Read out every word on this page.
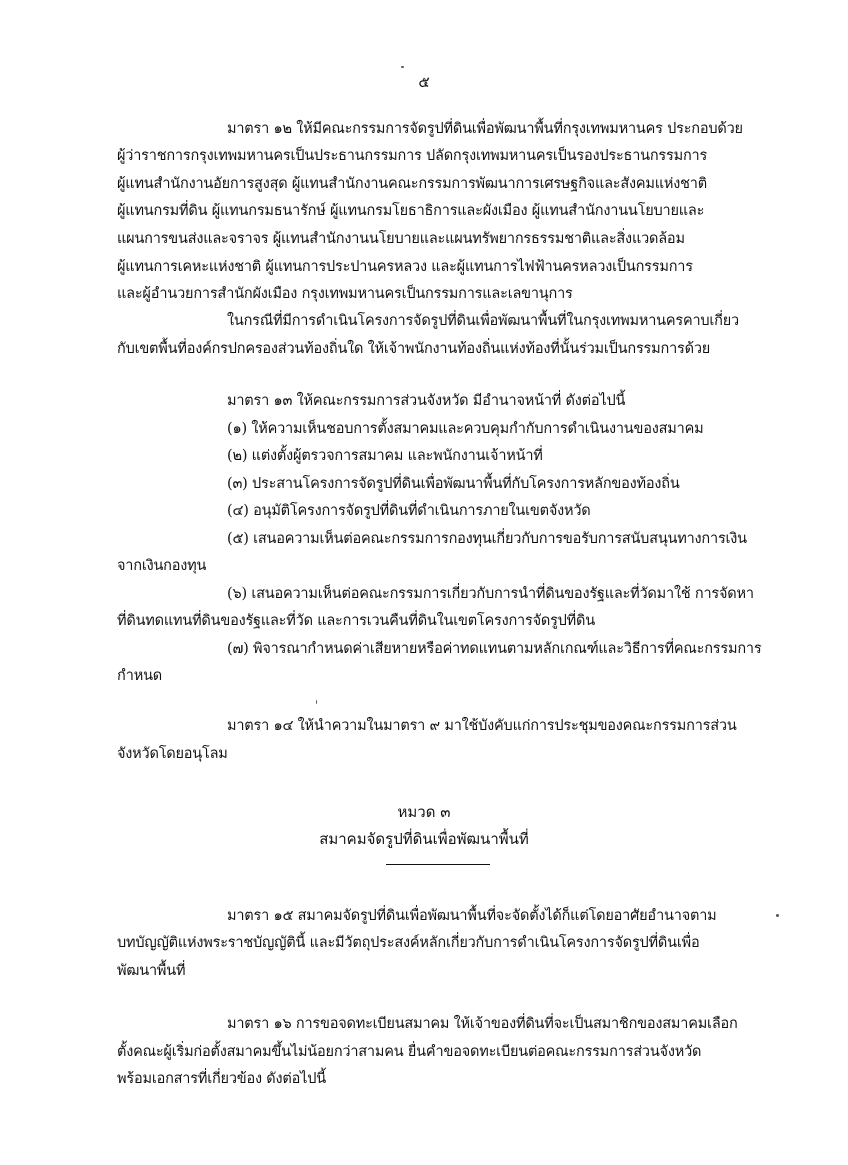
๕
มาตรา ๑๒ ให้มีคณะกรรมการจัดรูปที่ดินเพื่อพัฒนาพื้นที่กรุงเทพมหานคร ประกอบด้วย
ผู้ว่าราชการกรุงเทพมหานครเป็นประธานกรรมการ ปลัดกรุงเทพมหานครเป็นรองประธานกรรมการ
ผู้แทนสำนักงานอัยการสูงสุด ผู้แทนสำนักงานคณะกรรมการพัฒนาการเศรษฐกิจและสังคมแห่งชาติ
ผู้แทนกรมที่ดิน ผู้แทนกรมธนารักษ์ ผู้แทนกรมโยธาธิการและผังเมือง ผู้แทนสำนักงานนโยบายและ
แผนการขนส่งและจราจร ผู้แทนสำนักงานนโยบายและแผนทรัพยากรธรรมชาติและสิ่งแวดล้อม
ผู้แทนการเคหะแห่งชาติ ผู้แทนการประปานครหลวง และผู้แทนการไฟฟ้านครหลวงเป็นกรรมการ
และผู้อำนวยการสำนักผังเมือง กรุงเทพมหานครเป็นกรรมการและเลขานุการ
ในกรณีที่มีการดำเนินโครงการจัดรูปที่ดินเพื่อพัฒนาพื้นที่ในกรุงเทพมหานครคาบเกี่ยว
กับเขตพื้นที่องค์กรปกครองส่วนท้องถิ่นใด ให้เจ้าพนักงานท้องถิ่นแห่งท้องที่นั้นร่วมเป็นกรรมการด้วย
มาตรา ๑๓ ให้คณะกรรมการส่วนจังหวัด มีอำนาจหน้าที่ ดังต่อไปนี้
(๑) ให้ความเห็นชอบการตั้งสมาคมและควบคุมกำกับการดำเนินงานของสมาคม
(๒) แต่งตั้งผู้ตรวจการสมาคม และพนักงานเจ้าหน้าที่
(๓) ประสานโครงการจัดรูปที่ดินเพื่อพัฒนาพื้นที่กับโครงการหลักของท้องถิ่น
(๔) อนุมัติโครงการจัดรูปที่ดินที่ดำเนินการภายในเขตจังหวัด
(๕) เสนอความเห็นต่อคณะกรรมการกองทุนเกี่ยวกับการขอรับการสนับสนุนทางการเงิน
จากเงินกองทุน
(๖) เสนอความเห็นต่อคณะกรรมการเกี่ยวกับการนำที่ดินของรัฐและที่วัดมาใช้ การจัดหา
ที่ดินทดแทนที่ดินของรัฐและที่วัด และการเวนคืนที่ดินในเขตโครงการจัดรูปที่ดิน
(๗) พิจารณากำหนดค่าเสียหายหรือค่าทดแทนตามหลักเกณฑ์และวิธีการที่คณะกรรมการ
กำหนด
มาตรา ๑๔ ให้นำความในมาตรา ๙ มาใช้บังคับแก่การประชุมของคณะกรรมการส่วน
จังหวัดโดยอนุโลม
หมวด ๓
สมาคมจัดรูปที่ดินเพื่อพัฒนาพื้นที่
มาตรา ๑๕ สมาคมจัดรูปที่ดินเพื่อพัฒนาพื้นที่จะจัดตั้งได้ก็แต่โดยอาศัยอำนาจตาม
บทบัญญัติแห่งพระราชบัญญัตินี้ และมีวัตถุประสงค์หลักเกี่ยวกับการดำเนินโครงการจัดรูปที่ดินเพื่อ
พัฒนาพื้นที่
มาตรา ๑๖ การขอจดทะเบียนสมาคม ให้เจ้าของที่ดินที่จะเป็นสมาชิกของสมาคมเลือก
ตั้งคณะผู้เริ่มก่อตั้งสมาคมขึ้นไม่น้อยกว่าสามคน ยื่นคำขอจดทะเบียนต่อคณะกรรมการส่วนจังหวัด
พร้อมเอกสารที่เกี่ยวข้อง ดังต่อไปนี้
